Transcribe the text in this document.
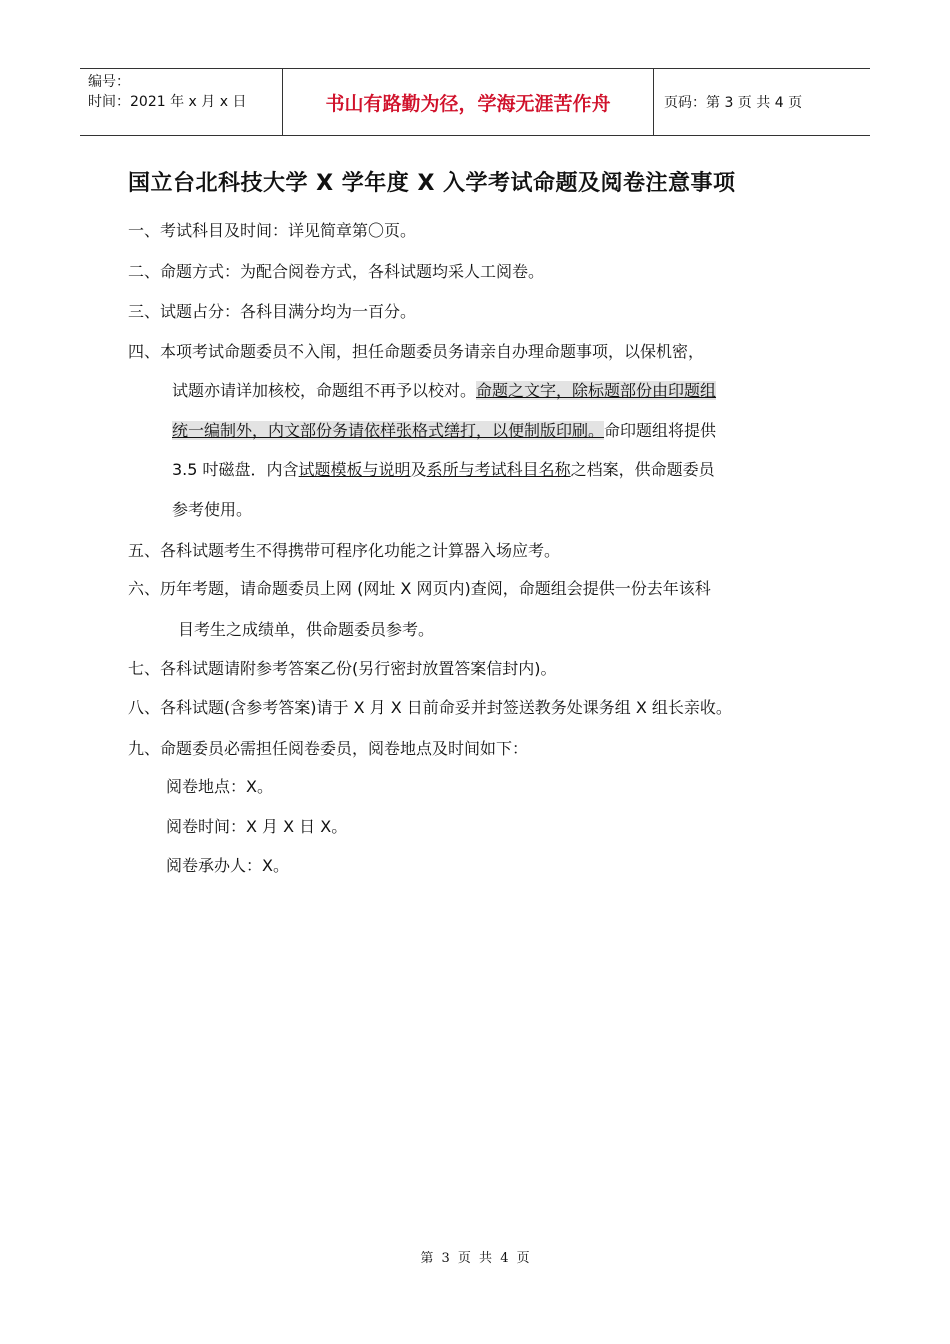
编号：
时间：2021 年 x 月 x 日	书山有路勤为径，学海无涯苦作舟	页码：第 3 页 共 4 页
国立台北科技大学 X 学年度 X 入学考试命题及阅卷注意事项
一、考试科目及时间：详见简章第〇页。
二、命题方式：为配合阅卷方式，各科试题均采人工阅卷。
三、试题占分：各科目满分均为一百分。
四、本项考试命题委员不入闱，担任命题委员务请亲自办理命题事项，以保机密，
试题亦请详加核校，命题组不再予以校对。命题之文字，除标题部份由印题组
统一编制外，内文部份务请依样张格式缮打，以便制版印刷。命印题组将提供
3.5 吋磁盘．内含试题模板与说明及系所与考试科目名称之档案，供命题委员
参考使用。
五、各科试题考生不得携带可程序化功能之计算器入场应考。
六、历年考题，请命题委员上网 (网址 X 网页内)查阅，命题组会提供一份去年该科
目考生之成绩单，供命题委员参考。
七、各科试题请附参考答案乙份(另行密封放置答案信封内)。
八、各科试题(含参考答案)请于 X 月 X 日前命妥并封签送教务处课务组 X 组长亲收。
九、命题委员必需担任阅卷委员，阅卷地点及时间如下：
阅卷地点：X。
阅卷时间：X 月 X 日 X。
阅卷承办人：X。
第 3 页 共 4 页
